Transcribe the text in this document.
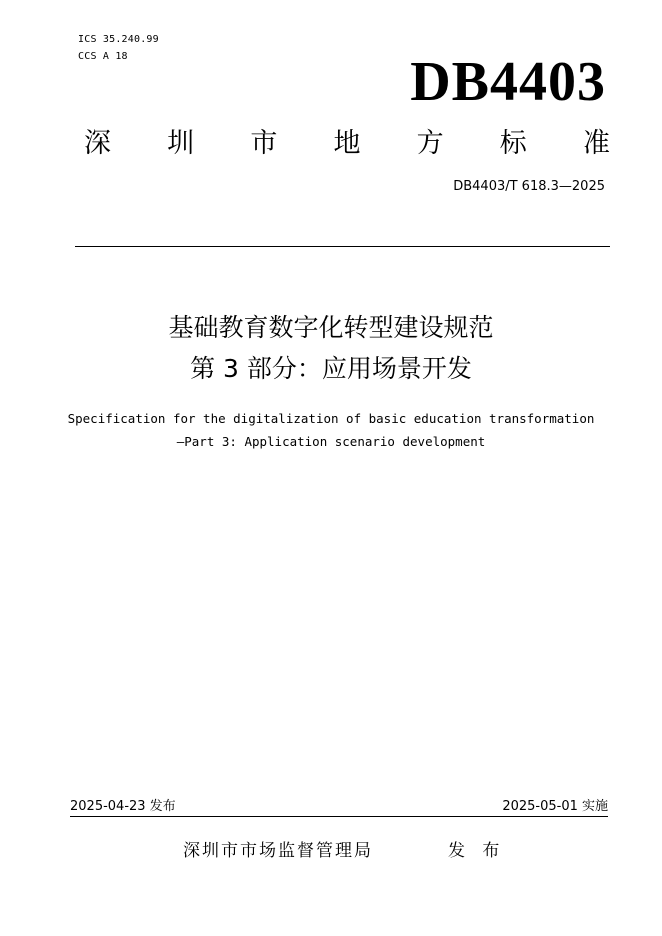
ICS 35.240.99
CCS A 18	DB4403
深 圳 市 地 方 标 准
DB4403/T 618.3—2025
基础教育数字化转型建设规范
第 3 部分：应用场景开发
Specification for the digitalization of basic education transformation
—Part 3: Application scenario development
2025-04-23 发布	2025-05-01 实施
深圳市市场监督管理局	发 布
